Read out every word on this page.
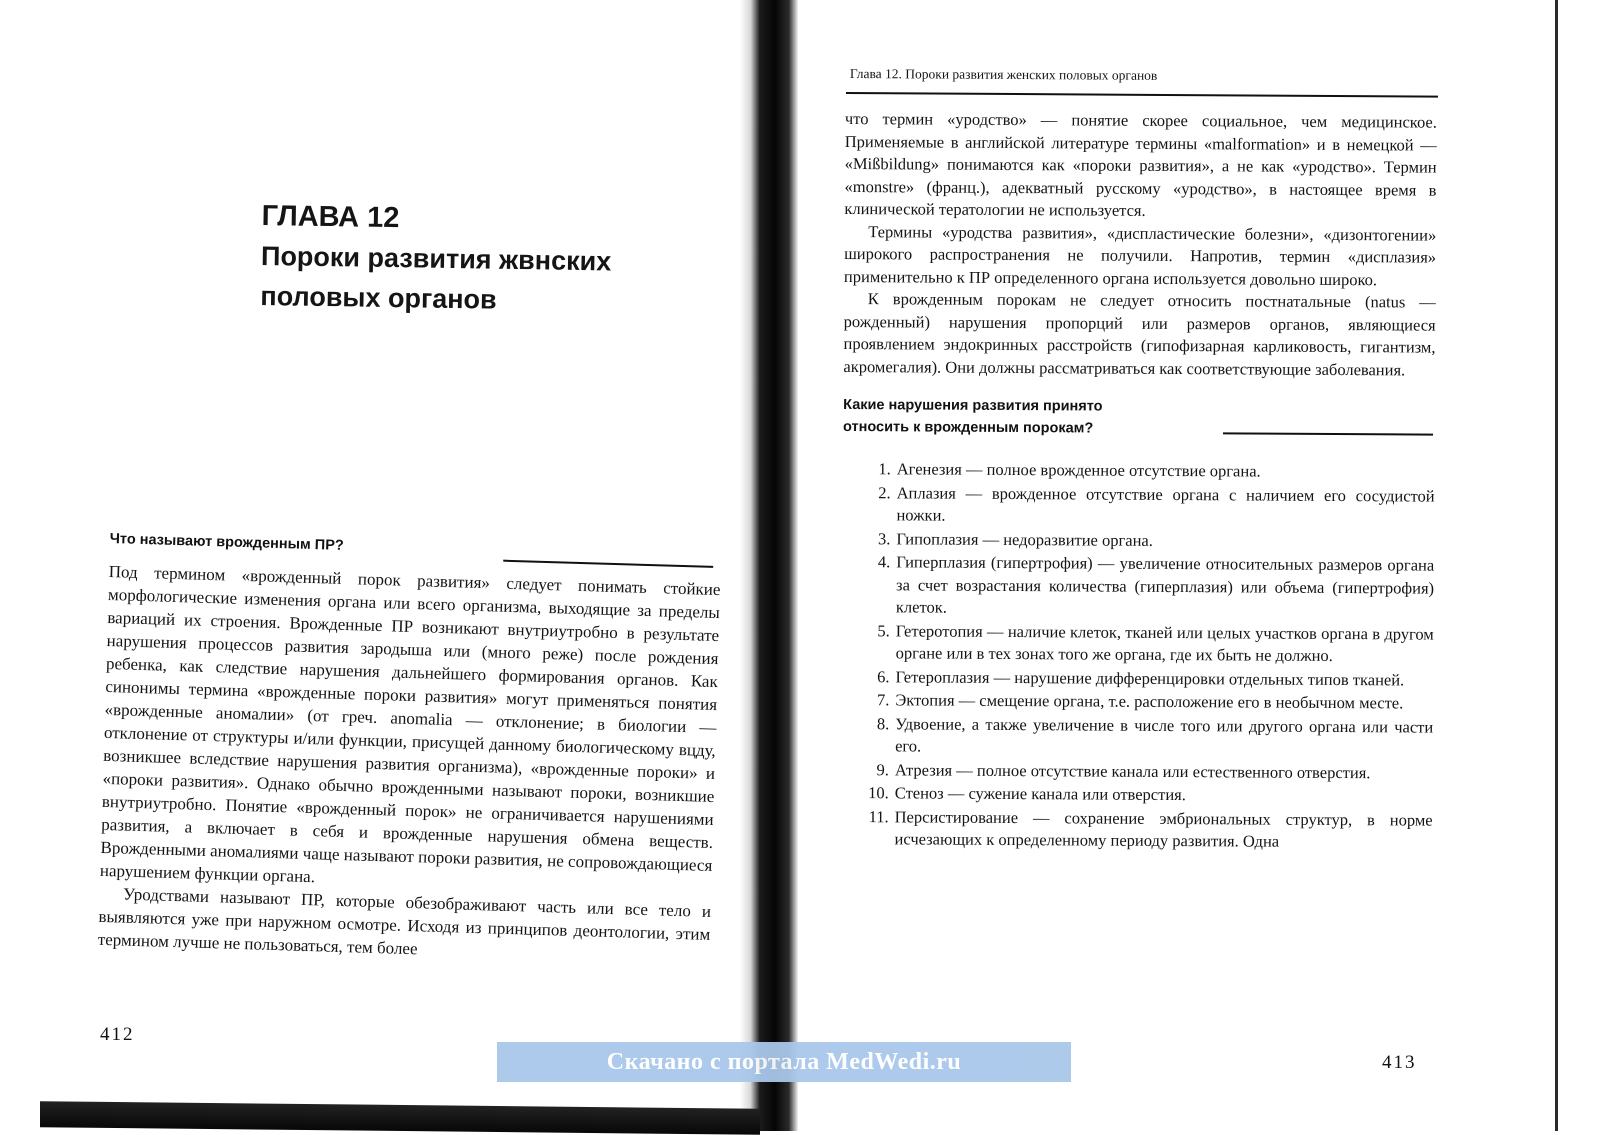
ГЛАВА 12
Пороки развития жвнских
половых органов
Что называют врожденным ПР?

Под термином «врожденный порок развития» следует понимать стойкие морфологические изменения органа или всего организма, выходящие за пределы вариаций их строения. Врожденные ПР возникают внутриутробно в результате нарушения процессов развития зародыша или (много реже) после рождения ребенка, как следствие нарушения дальнейшего формирования органов. Как синонимы термина «врожденные пороки развития» могут применяться понятия «врожденные аномалии» (от греч. anomalia — отклонение; в биологии — отклонение от структуры и/или функции, присущей данному биологическому вцду, возникшее вследствие нарушения развития организма), «врожденные пороки» и «пороки развития». Однако обычно врожденными называют пороки, возникшие внутриутробно. Понятие «врожденный порок» не ограничивается нарушениями развития, а включает в себя и врожденные нарушения обмена веществ. Врожденными аномалиями чаще называют пороки развития, не сопровождающиеся нарушением функции органа.

Уродствами называют ПР, которые обезображивают часть или все тело и выявляются уже при наружном осмотре. Исходя из принципов деонтологии, этим термином лучше не пользоваться, тем более

412
Глава 12. Пороки развития женских половых органов

что термин «уродство» — понятие скорее социальное, чем медицинское. Применяемые в английской литературе термины «malformation» и в немецкой — «Mißbildung» понимаются как «пороки развития», а не как «уродство». Термин «monstre» (франц.), адекватный русскому «уродство», в настоящее время в клинической тератологии не используется.

Термины «уродства развития», «диспластические болезни», «дизонтогении» широкого распространения не получили. Напротив, термин «дисплазия» применительно к ПР определенного органа используется довольно широко.

К врожденным порокам не следует относить постнатальные (natus — рожденный) нарушения пропорций или размеров органов, являющиеся проявлением эндокринных расстройств (гипофизарная карликовость, гигантизм, акромегалия). Они должны рассматриваться как соответствующие заболевания.

Какие нарушения развития принято
относить к врожденным порокам?
1. Агенезия — полное врожденное отсутствие органа.
2. Аплазия — врожденное отсутствие органа с наличием его сосудистой ножки.
3. Гипоплазия — недоразвитие органа.
4. Гиперплазия (гипертрофия) — увеличение относительных размеров органа за счет возрастания количества (гиперплазия) или объема (гипертрофия) клеток.
5. Гетеротопия — наличие клеток, тканей или целых участков органа в другом органе или в тех зонах того же органа, где их быть не должно.
6. Гетероплазия — нарушение дифференцировки отдельных типов тканей.
7. Эктопия — смещение органа, т.е. расположение его в необычном месте.
8. Удвоение, а также увеличение в числе того или другого органа или части его.
9. Атрезия — полное отсутствие канала или естественного отверстия.
10. Стеноз — сужение канала или отверстия.
11. Персистирование — сохранение эмбриональных структур, в норме исчезающих к определенному периоду развития. Одна
413
Скачано с портала MedWedi.ru
